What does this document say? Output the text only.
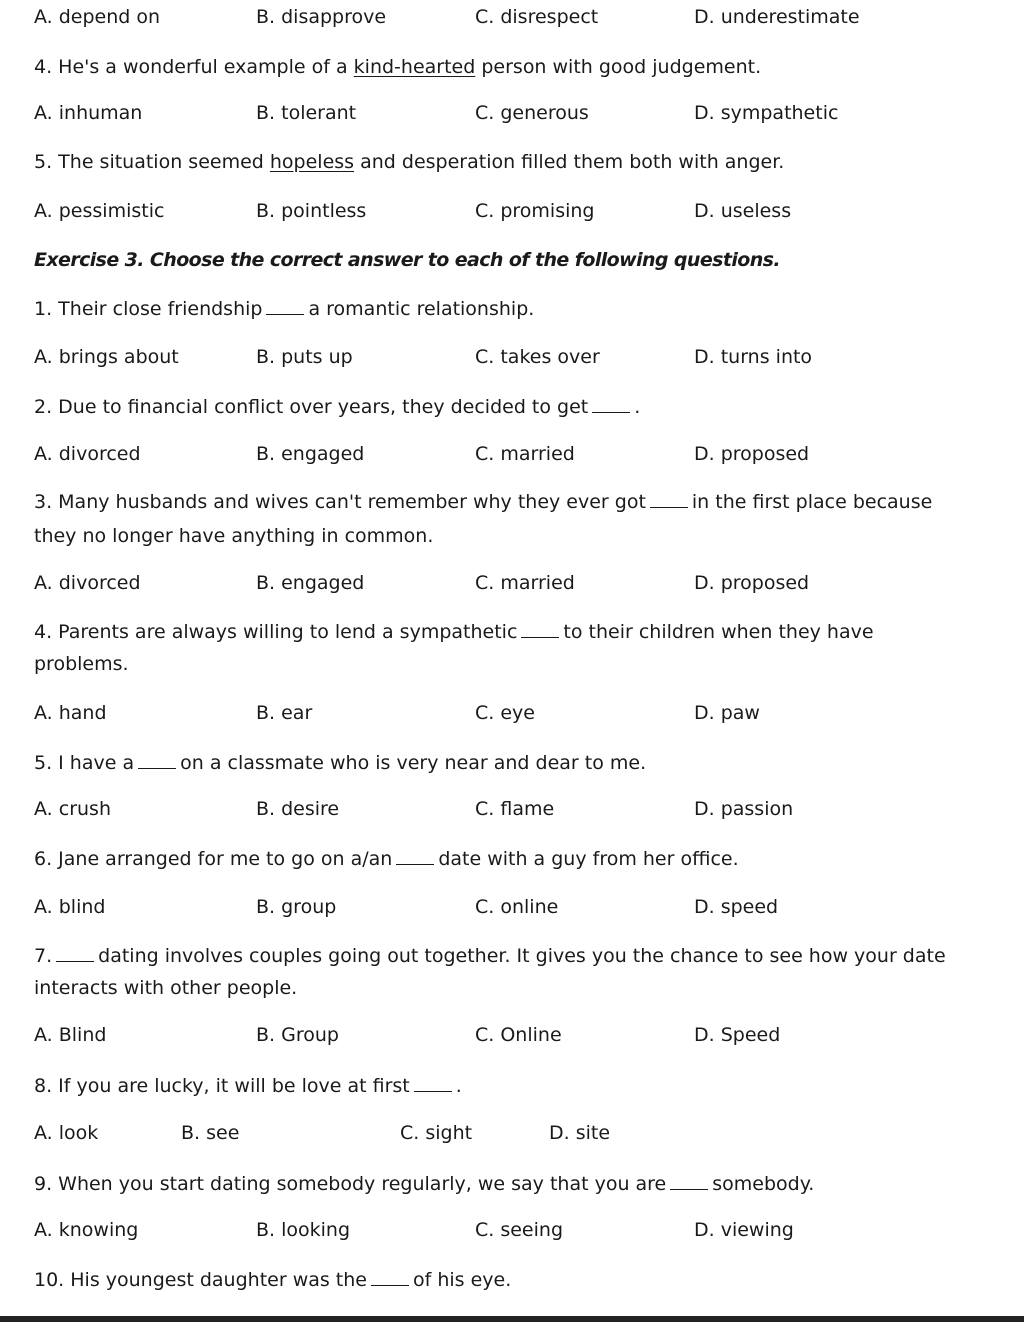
A. depend on	B. disapprove	C. disrespect	D. underestimate
4. He's a wonderful example of a kind-hearted person with good judgement.
A. inhuman	B. tolerant	C. generous	D. sympathetic
5. The situation seemed hopeless and desperation filled them both with anger.
A. pessimistic	B. pointless	C. promising	D. useless
Exercise 3. Choose the correct answer to each of the following questions.
1. Their close friendship a romantic relationship.
A. brings about	B. puts up	C. takes over	D. turns into
2. Due to financial conflict over years, they decided to get .
A. divorced	B. engaged	C. married	D. proposed
3. Many husbands and wives can't remember why they ever got in the first place because
they no longer have anything in common.
A. divorced	B. engaged	C. married	D. proposed
4. Parents are always willing to lend a sympathetic to their children when they have
problems.
A. hand	B. ear	C. eye	D. paw
5. I have a on a classmate who is very near and dear to me.
A. crush	B. desire	C. flame	D. passion
6. Jane arranged for me to go on a/an date with a guy from her office.
A. blind	B. group	C. online	D. speed
7. dating involves couples going out together. It gives you the chance to see how your date
interacts with other people.
A. Blind	B. Group	C. Online	D. Speed
8. If you are lucky, it will be love at first .
A. look	B. see	C. sight	D. site
9. When you start dating somebody regularly, we say that you are somebody.
A. knowing	B. looking	C. seeing	D. viewing
10. His youngest daughter was the of his eye.
